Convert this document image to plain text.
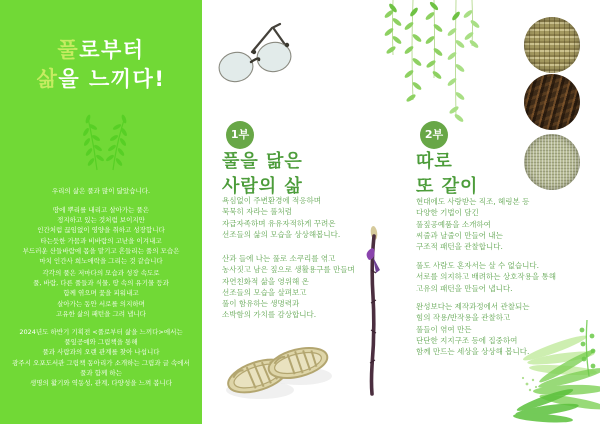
풀로부터
삶을 느끼다!
우리의 삶은 풀과 많이 닮았습니다.
땅에 뿌리를 내리고 살아가는 풀은
정지하고 있는 것처럼 보이지만
인간처럼 끊임없이 영양을 취하고 성장합니다
타는듯한 가뭄과 비바람의 고난을 이겨내고
부드러운 산들바람에 몸을 맡기고 흔들리는 풀의 모습은
마치 인간사 희노애락을 그리는 것 같습니다
각각의 풀은 저마다의 모습과 성장 속도로
풀, 바람, 다른 풀들과 식물, 땅 속의 유기물 등과
함께 엮으며 꽃을 피워내고
살아가는 동안 서로를 의지하며
고유한 삶의 패턴을 그려 냅니다
2024년도 하반기 기획전 <풀로부터 삶을 느끼다>에서는
풀잎공예와 그림책을 통해
풀과 사람과의 오랜 관계를 찾아 나섭니다
광주시 오포도서관 그림책 동아리가 소개하는 그림과 글 속에서
풀과 함께 하는
생명의 활기와 역동성, 관계, 다양성을 느껴 봅니다
1부
풀을 닮은
사람의 삶
욕심없이 주변환경에 적응하며
묵묵히 자라는 풀처럼
자급자족하며 유유자적하게 꾸려온
선조들의 삶의 모습을 상상해봅니다.
산과 들에 나는 풀로 소쿠리를 엮고
농사짓고 남은 짚으로 생활용구를 만들며
자연친화적 삶을 영위해 온
선조들의 모습을 살펴보고
풀이 함유하는 생명력과
소박함의 가치를 감상합니다.
2부
따로
또 같이
현대에도 사랑받는 직조, 헤링본 등
다양한 기법이 담긴
풀짚공예품을 소개하여
씨줄과 날줄이 만들어 내는
구조적 패턴을 관찰합니다.
풀도 사람도 혼자서는 살 수 없습니다.
서로를 의지하고 배려하는 상호작용을 통해
고유의 패턴을 만들어 냅니다.
완성보다는 제작과정에서 관찰되는
힘의 작용/반작용을 관찰하고
풀들이 엮여 만든
단단한 지지구조 등에 집중하여
함께 만드는 세상을 상상해 봅니다.
